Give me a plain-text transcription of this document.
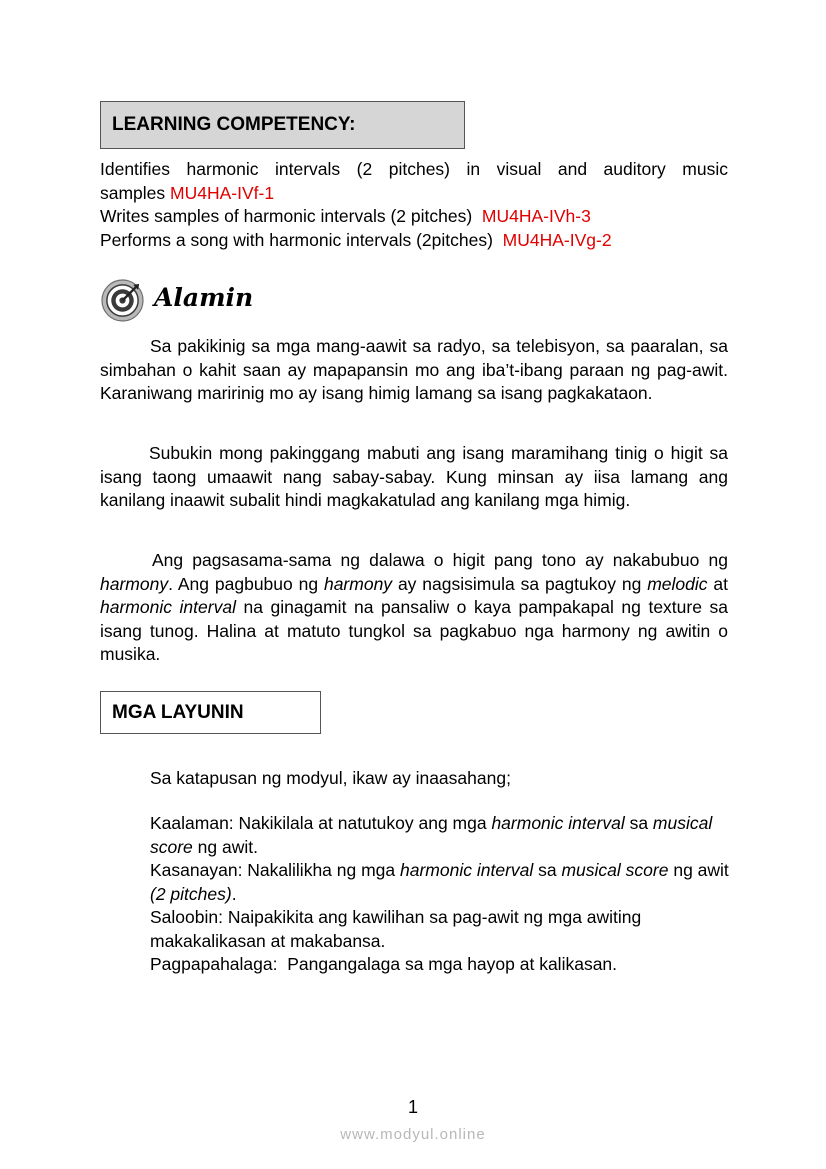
LEARNING COMPETENCY:
Identifies harmonic intervals (2 pitches) in visual and auditory music
samples MU4HA-IVf-1
Writes samples of harmonic intervals (2 pitches)  MU4HA-IVh-3
Performs a song with harmonic intervals (2pitches)  MU4HA-IVg-2
Alamin
Sa pakikinig sa mga mang-aawit sa radyo, sa telebisyon, sa paaralan, sa simbahan o kahit saan ay mapapansin mo ang iba’t-ibang paraan ng pag-awit. Karaniwang maririnig mo ay isang himig lamang sa isang pagkakataon.
Subukin mong pakinggang mabuti ang isang maramihang tinig o higit sa isang taong umaawit nang sabay-sabay. Kung minsan ay iisa lamang ang kanilang inaawit subalit hindi magkakatulad ang kanilang mga himig.
Ang pagsasama-sama ng dalawa o higit pang tono ay nakabubuo ng harmony. Ang pagbubuo ng harmony ay nagsisimula sa pagtukoy ng melodic at harmonic interval na ginagamit na pansaliw o kaya pampakapal ng texture sa isang tunog. Halina at matuto tungkol sa pagkabuo nga harmony ng awitin o musika.
MGA LAYUNIN
Sa katapusan ng modyul, ikaw ay inaasahang;
Kaalaman: Nakikilala at natutukoy ang mga harmonic interval sa musical score ng awit.
Kasanayan: Nakalilikha ng mga harmonic interval sa musical score ng awit (2 pitches).
Saloobin: Naipakikita ang kawilihan sa pag-awit ng mga awiting makakalikasan at makabansa.
Pagpapahalaga:  Pangangalaga sa mga hayop at kalikasan.
1
www.modyul.online
